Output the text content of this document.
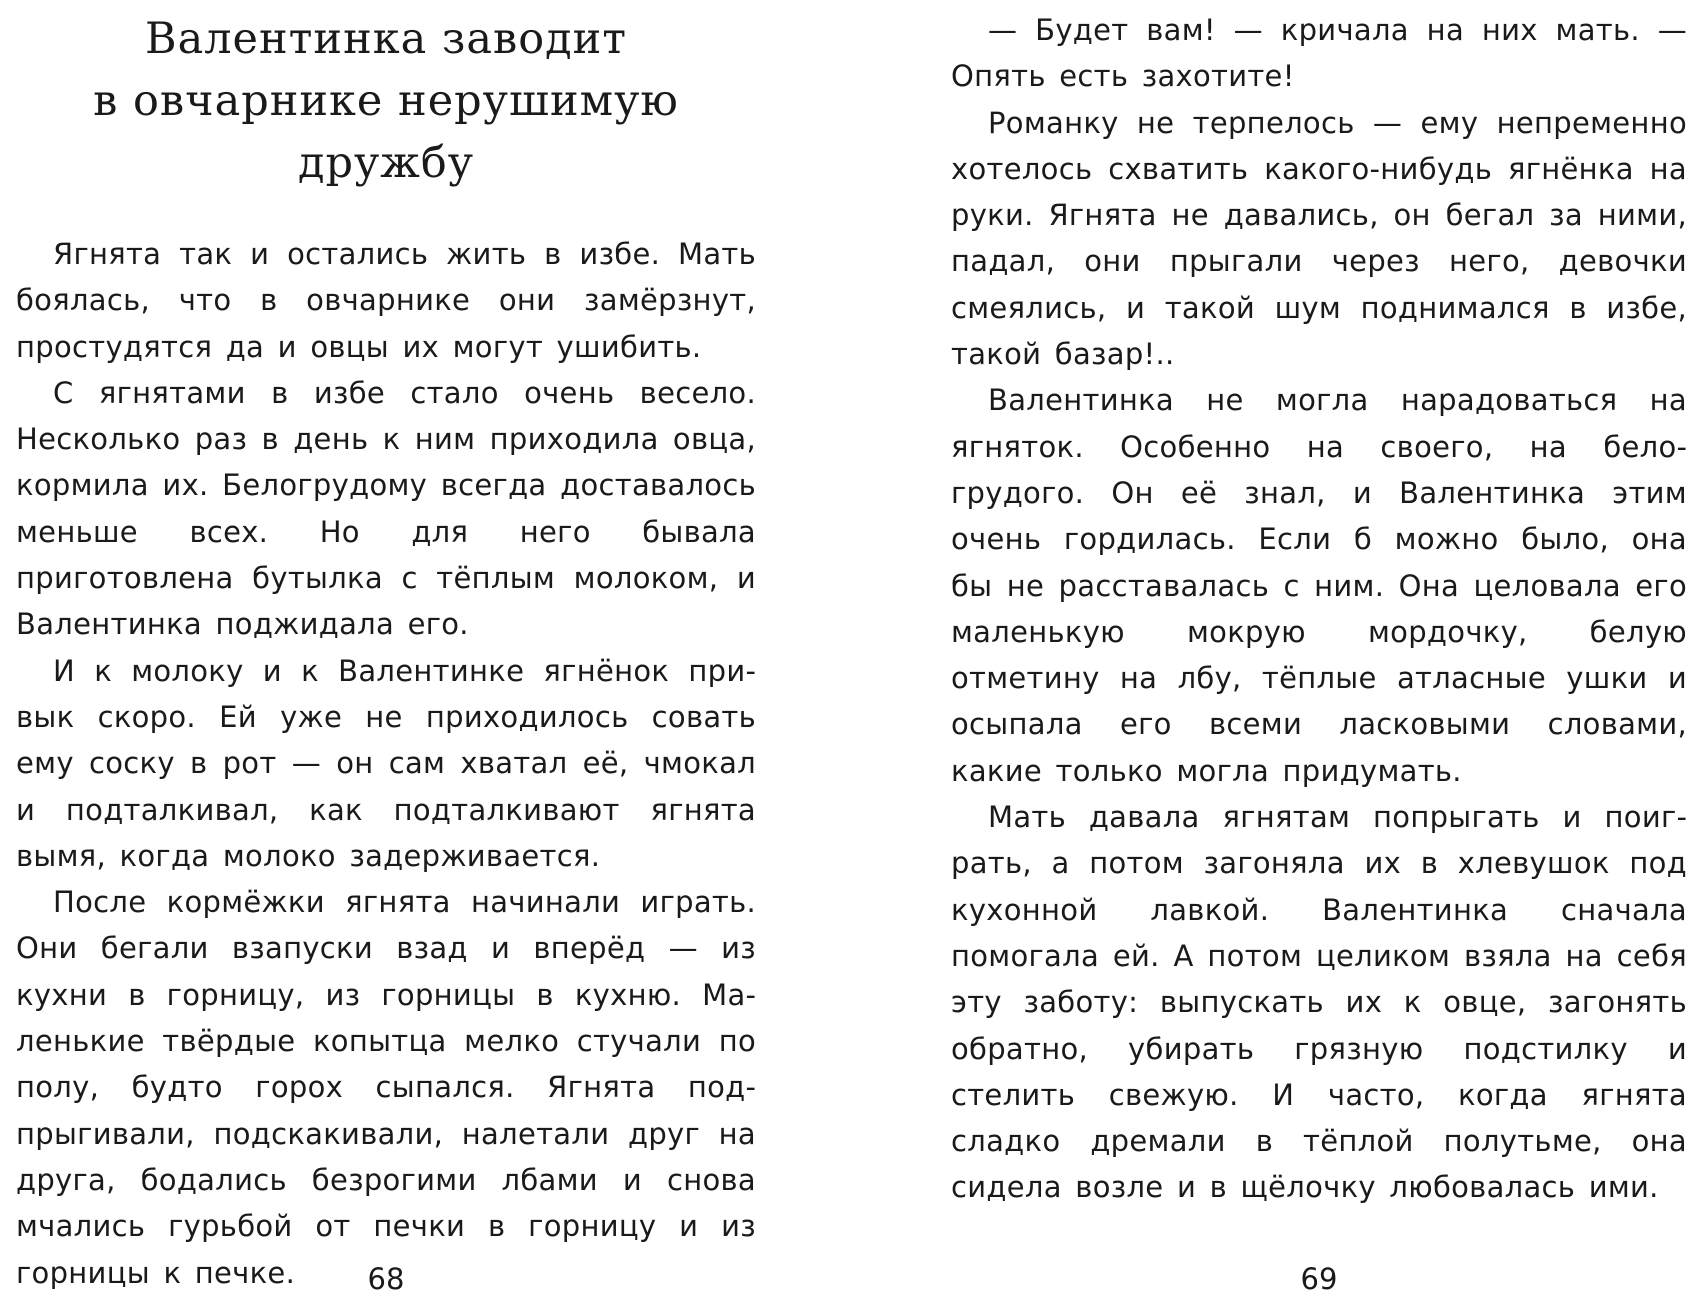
Валентинка заводит
в овчарнике нерушимую дружбу

Ягнята так и остались жить в избе. Мать боялась, что в овчарнике они замёрзнут, простудятся да и овцы их могут ушибить.

С ягнятами в избе стало очень весело. Несколько раз в день к ним приходила овца, кормила их. Белогрудому всегда доставалось меньше всех. Но для него бывала приготовлена бутылка с тёплым молоком, и Валентинка поджидала его.

И к молоку и к Валентинке ягнёнок привык скоро. Ей уже не приходилось совать ему соску в рот — он сам хватал её, чмокал и подталкивал, как подталкивают ягнята вымя, когда молоко задерживается.

После кормёжки ягнята начинали играть. Они бегали взапуски взад и вперёд — из кухни в горницу, из горницы в кухню. Маленькие твёрдые копытца мелко стучали по полу, будто горох сыпался. Ягнята подпрыгивали, подскакивали, налетали друг на друга, бодались безрогими лбами и снова мчались гурьбой от печки в горницу и из горницы к печке.	68

— Будет вам! — кричала на них мать. — Опять есть захотите!

Романку не терпелось — ему непременно хотелось схватить какого-нибудь ягнёнка на руки. Ягнята не давались, он бегал за ними, падал, они прыгали через него, девочки смеялись, и такой шум поднимался в избе, такой базар!..

Валентинка не могла нарадоваться на ягняток. Особенно на своего, на белогрудого. Он её знал, и Валентинка этим очень гордилась. Если б можно было, она бы не расставалась с ним. Она целовала его маленькую мокрую мордочку, белую отметину на лбу, тёплые атласные ушки и осыпала его всеми ласковыми словами, какие только могла придумать.

Мать давала ягнятам попрыгать и поиграть, а потом загоняла их в хлевушок под кухонной лавкой. Валентинка сначала помогала ей. А потом целиком взяла на себя эту заботу: выпускать их к овце, загонять обратно, убирать грязную подстилку и стелить свежую. И часто, когда ягнята сладко дремали в тёплой полутьме, она сидела возле и в щёлочку любовалась ими.

69
